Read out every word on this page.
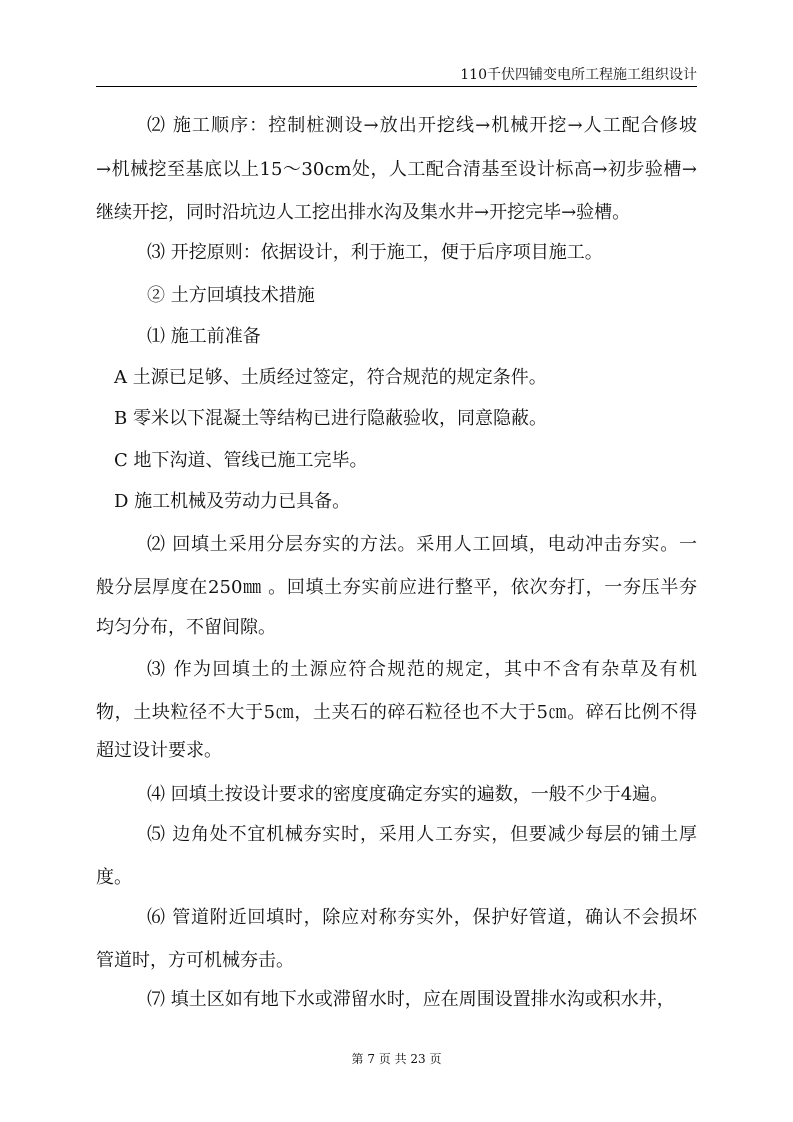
110千伏四铺变电所工程施工组织设计
⑵ 施工顺序：控制桩测设→放出开挖线→机械开挖→人工配合修坡
→机械挖至基底以上15～30cm处，人工配合清基至设计标高→初步验槽→
继续开挖，同时沿坑边人工挖出排水沟及集水井→开挖完毕→验槽。
⑶ 开挖原则：依据设计，利于施工，便于后序项目施工。
② 土方回填技术措施
⑴ 施工前准备
A 土源已足够、土质经过签定，符合规范的规定条件。
B 零米以下混凝土等结构已进行隐蔽验收，同意隐蔽。
C 地下沟道、管线已施工完毕。
D 施工机械及劳动力已具备。
⑵ 回填土采用分层夯实的方法。采用人工回填，电动冲击夯实。一
般分层厚度在250㎜ 。回填土夯实前应进行整平，依次夯打，一夯压半夯
均匀分布，不留间隙。
⑶ 作为回填土的土源应符合规范的规定，其中不含有杂草及有机
物，土块粒径不大于5㎝，土夹石的碎石粒径也不大于5㎝。碎石比例不得
超过设计要求。
⑷ 回填土按设计要求的密度度确定夯实的遍数，一般不少于4遍。
⑸ 边角处不宜机械夯实时，采用人工夯实，但要减少每层的铺土厚
度。
⑹ 管道附近回填时，除应对称夯实外，保护好管道，确认不会损坏
管道时，方可机械夯击。
⑺ 填土区如有地下水或滞留水时，应在周围设置排水沟或积水井，
第 7 页 共 23 页
